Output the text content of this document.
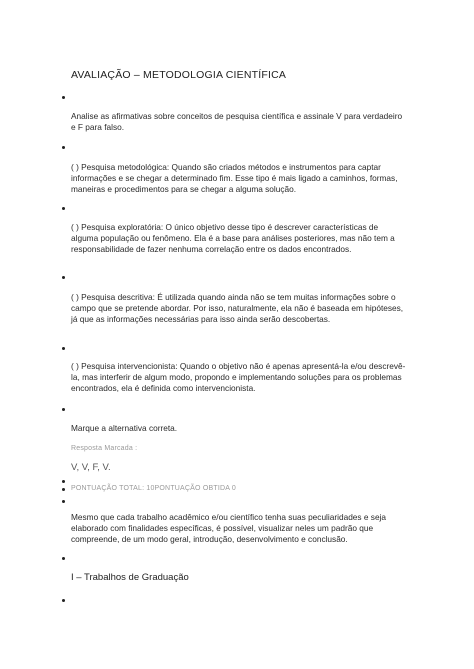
AVALIAÇÃO – METODOLOGIA CIENTÍFICA
Analise as afirmativas sobre conceitos de pesquisa científica e assinale V para verdadeiro e F para falso.
( ) Pesquisa metodológica: Quando são criados métodos e instrumentos para captar informações e se chegar a determinado fim. Esse tipo é mais ligado a caminhos, formas, maneiras e procedimentos para se chegar a alguma solução.
( ) Pesquisa exploratória: O único objetivo desse tipo é descrever características de alguma população ou fenômeno. Ela é a base para análises posteriores, mas não tem a responsabilidade de fazer nenhuma correlação entre os dados encontrados.
( ) Pesquisa descritiva: É utilizada quando ainda não se tem muitas informações sobre o campo que se pretende abordar. Por isso, naturalmente, ela não é baseada em hipóteses, já que as informações necessárias para isso ainda serão descobertas.
( ) Pesquisa intervencionista: Quando o objetivo não é apenas apresentá-la e/ou descrevê-la, mas interferir de algum modo, propondo e implementando soluções para os problemas encontrados, ela é definida como intervencionista.
Marque a alternativa correta.
Resposta Marcada :
V, V, F, V.
PONTUAÇÃO TOTAL: 10PONTUAÇÃO OBTIDA 0
Mesmo que cada trabalho acadêmico e/ou científico tenha suas peculiaridades e seja elaborado com finalidades específicas, é possível, visualizar neles um padrão que compreende, de um modo geral, introdução, desenvolvimento e conclusão.
I – Trabalhos de Graduação
